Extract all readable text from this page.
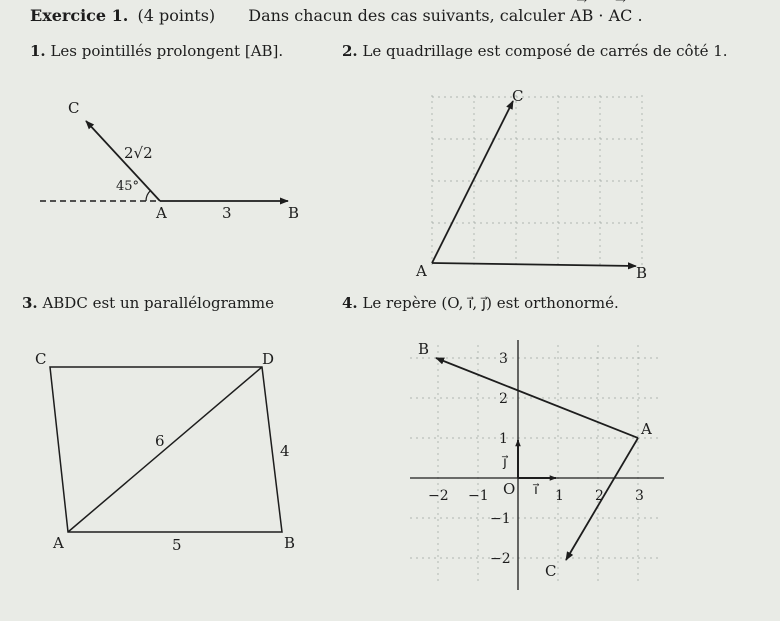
Exercice 1. (4 points) Dans chacun des cas suivants, calculer → AB · → AC .
1. Les pointillés prolongent [AB].	2. Le quadrillage est composé de carrés de côté 1.
3. ABDC est un parallélogramme	4. Le repère (O, i⃗, j⃗) est orthonormé.
C
2√2
45°
A	3	B
C
A	B
C	D
6
4
A	5	B
B
A
C
O i⃗
j⃗
−2 −1	1 2 3
3
2
1
−1
−2
